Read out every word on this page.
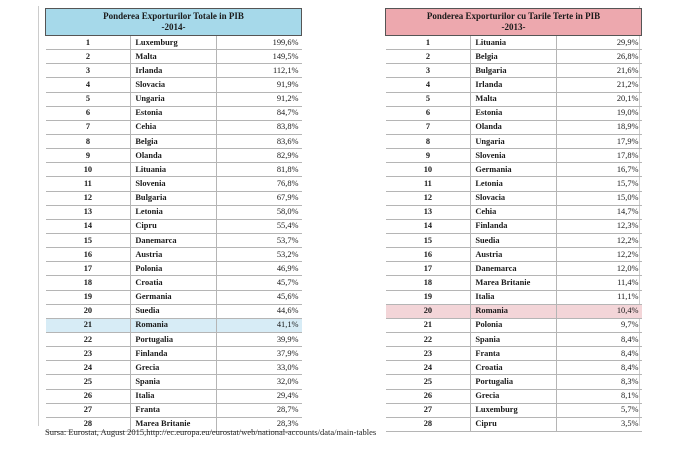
Ponderea Exporturilor Totale in PIB
-2014-		

1	Luxemburg	199,6%
2	Malta	149,5%
3	Irlanda	112,1%
4	Slovacia	91,9%
5	Ungaria	91,2%
6	Estonia	84,7%
7	Cehia	83,8%
8	Belgia	83,6%
9	Olanda	82,9%
10	Lituania	81,8%
11	Slovenia	76,8%
12	Bulgaria	67,9%
13	Letonia	58,0%
14	Cipru	55,4%
15	Danemarca	53,7%
16	Austria	53,2%
17	Polonia	46,9%
18	Croatia	45,7%
19	Germania	45,6%
20	Suedia	44,6%
21	Romania	41,1%
22	Portugalia	39,9%
23	Finlanda	37,9%
24	Grecia	33,0%
25	Spania	32,0%
26	Italia	29,4%
27	Franta	28,7%
28	Marea Britanie	28,3%
Ponderea Exporturilor cu Tarile Terte in PIB
-2013-		

1	Lituania	29,9%
2	Belgia	26,8%
3	Bulgaria	21,6%
4	Irlanda	21,2%
5	Malta	20,1%
6	Estonia	19,0%
7	Olanda	18,9%
8	Ungaria	17,9%
9	Slovenia	17,8%
10	Germania	16,7%
11	Letonia	15,7%
12	Slovacia	15,0%
13	Cehia	14,7%
14	Finlanda	12,3%
15	Suedia	12,2%
16	Austria	12,2%
17	Danemarca	12,0%
18	Marea Britanie	11,4%
19	Italia	11,1%
20	Romania	10,4%
21	Polonia	9,7%
22	Spania	8,4%
23	Franta	8,4%
24	Croatia	8,4%
25	Portugalia	8,3%
26	Grecia	8,1%
27	Luxemburg	5,7%
28	Cipru	3,5%
Sursa: Eurostat, August 2015,http://ec.europa.eu/eurostat/web/national-accounts/data/main-tables
